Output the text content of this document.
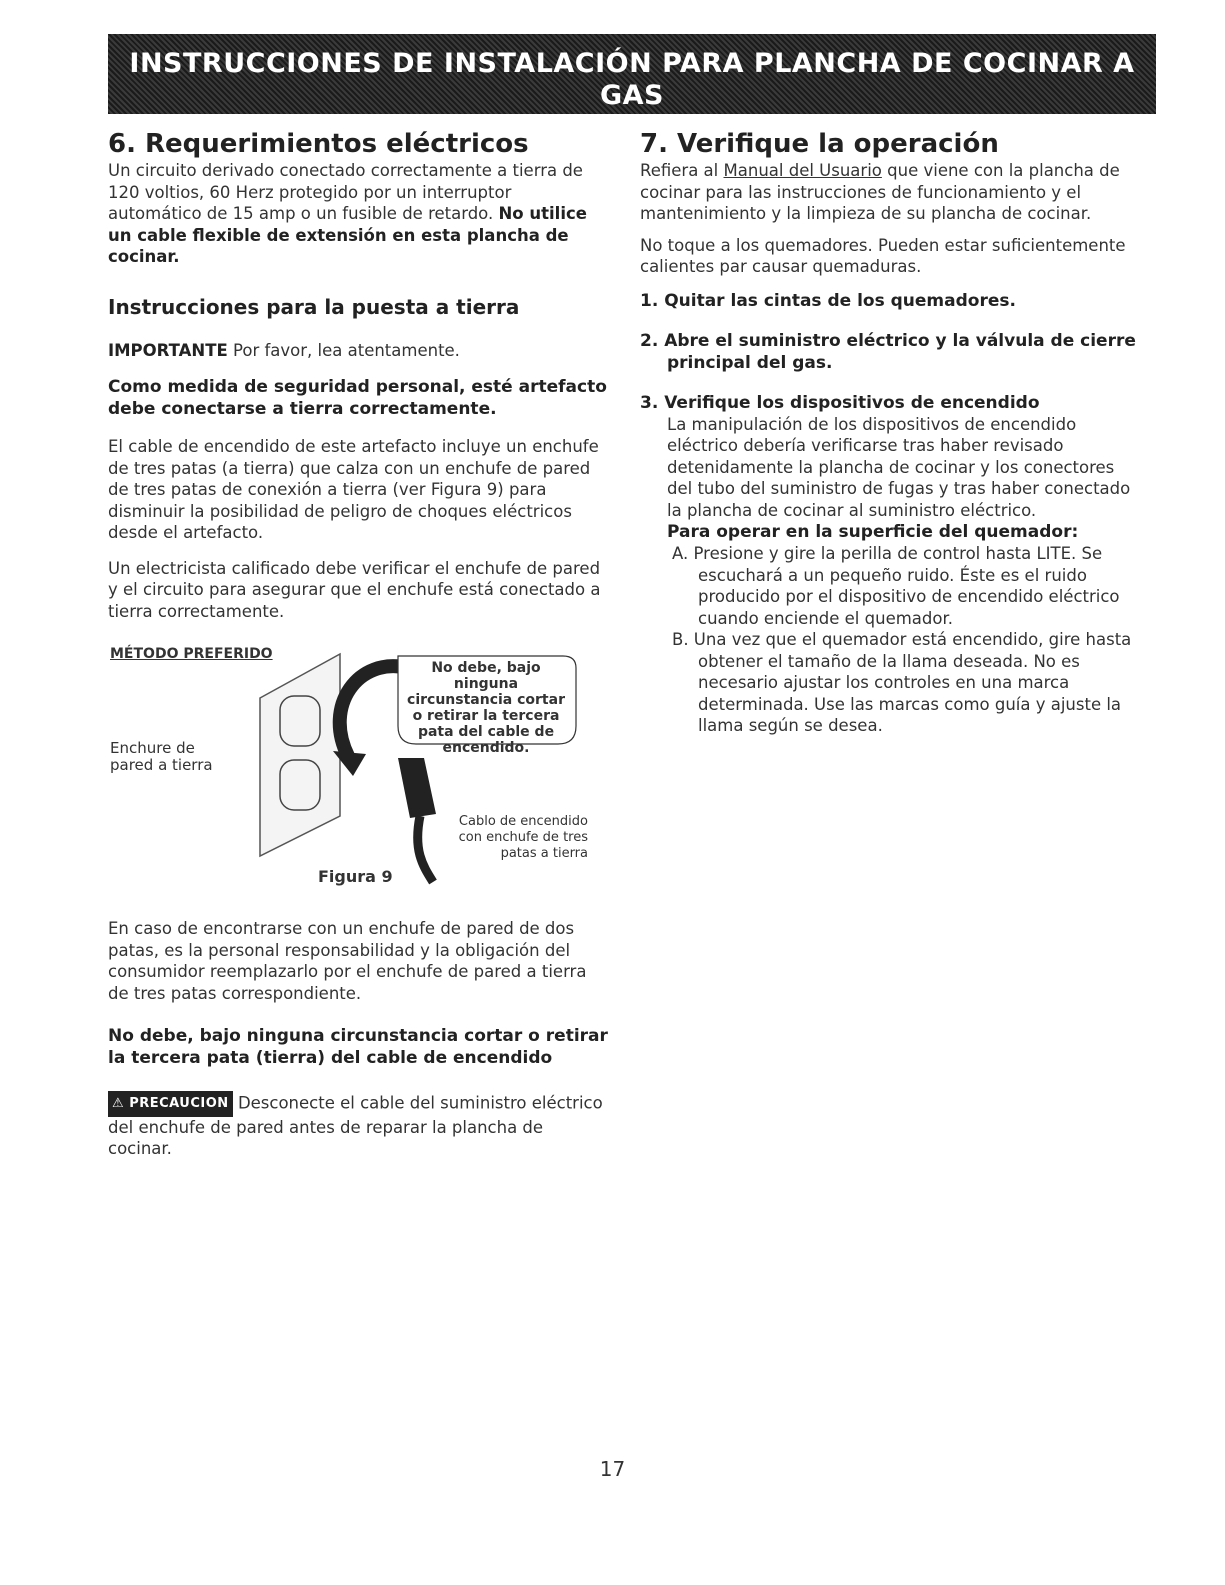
INSTRUCCIONES DE INSTALACIÓN PARA PLANCHA DE COCINAR A GAS
(Para modelos de 30 & 36)
6. Requerimientos eléctricos

Un circuito derivado conectado correctamente a tierra de 120 voltios, 60 Herz protegido por un interruptor automático de 15 amp o un fusible de retardo. No utilice un cable flexible de extensión en esta plancha de cocinar.

Instrucciones para la puesta a tierra

IMPORTANTE Por favor, lea atentamente.

Como medida de seguridad personal, esté artefacto debe conectarse a tierra correctamente.

El cable de encendido de este artefacto incluye un enchufe de tres patas (a tierra) que calza con un enchufe de pared de tres patas de conexión a tierra (ver Figura 9) para disminuir la posibilidad de peligro de choques eléctricos desde el artefacto.

Un electricista calificado debe verificar el enchufe de pared y el circuito para asegurar que el enchufe está conectado a tierra correctamente.

MÉTODO PREFERIDO
Enchure de pared a tierra
No debe, bajo ninguna circunstancia cortar o retirar la tercera pata del cable de encendido.
Cablo de encendido con enchufe de tres patas a tierra
Figura 9

En caso de encontrarse con un enchufe de pared de dos patas, es la personal responsabilidad y la obligación del consumidor reemplazarlo por el enchufe de pared a tierra de tres patas correspondiente.

No debe, bajo ninguna circunstancia cortar o retirar la tercera pata (tierra) del cable de encendido

⚠ PRECAUCION Desconecte el cable del suministro eléctrico del enchufe de pared antes de reparar la plancha de cocinar.

7. Verifique la operación

Refiera al Manual del Usuario que viene con la plancha de cocinar para las instrucciones de funcionamiento y el mantenimiento y la limpieza de su plancha de cocinar.

No toque a los quemadores. Pueden estar suficientemente calientes par causar quemaduras.

1. Quitar las cintas de los quemadores.
2. Abre el suministro eléctrico y la válvula de cierre principal del gas.
3. Verifique los dispositivos de encendido

La manipulación de los dispositivos de encendido eléctrico debería verificarse tras haber revisado detenidamente la plancha de cocinar y los conectores del tubo del suministro de fugas y tras haber conectado la plancha de cocinar al suministro eléctrico.

Para operar en la superficie del quemador:

A. Presione y gire la perilla de control hasta LITE. Se escuchará a un pequeño ruido. Éste es el ruido producido por el dispositivo de encendido eléctrico cuando enciende el quemador.

B. Una vez que el quemador está encendido, gire hasta obtener el tamaño de la llama deseada. No es necesario ajustar los controles en una marca determinada. Use las marcas como guía y ajuste la llama según se desea.

17
